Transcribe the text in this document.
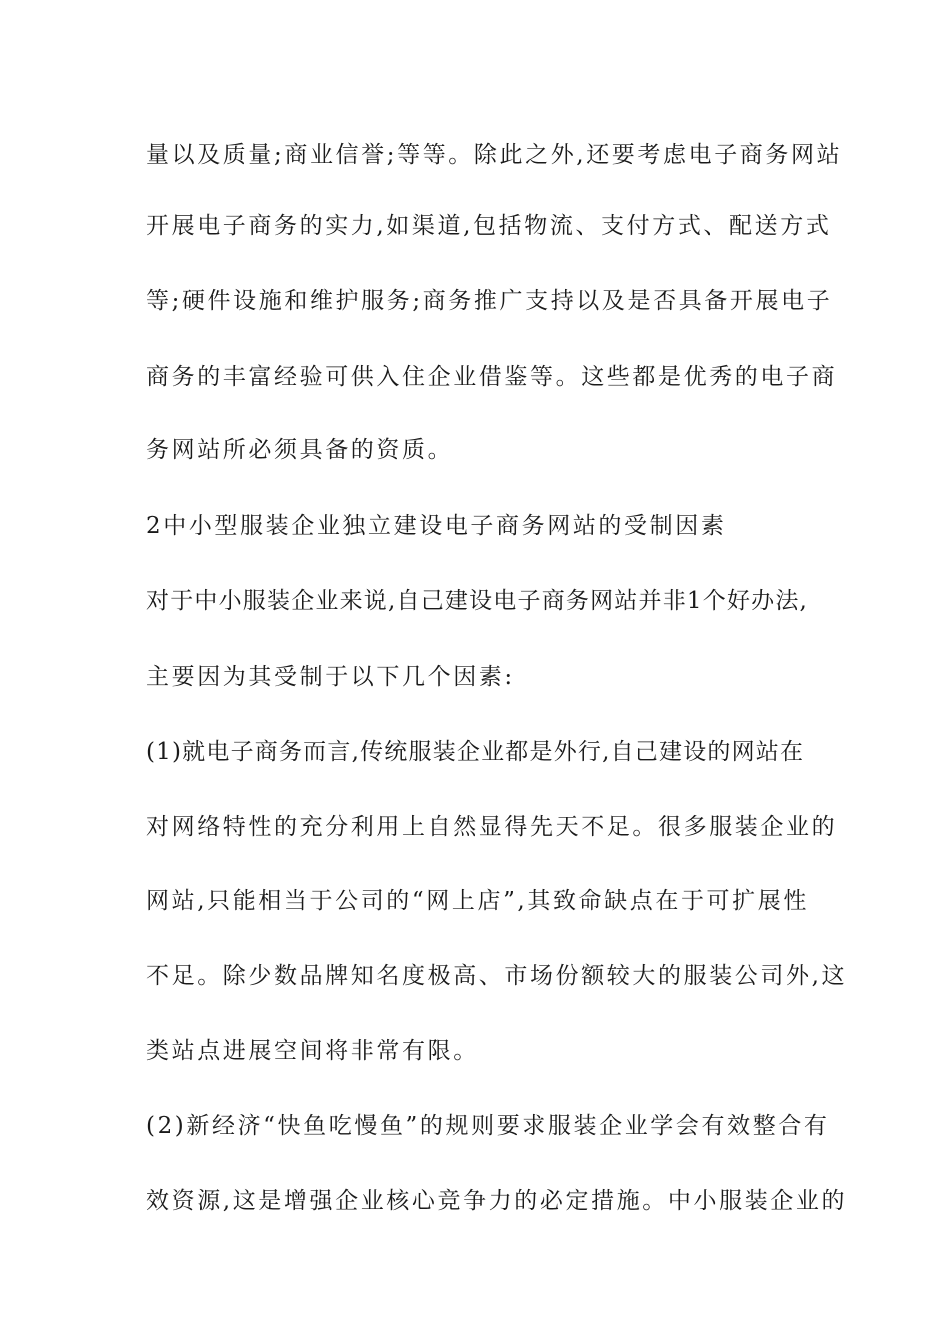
量以及质量;商业信誉;等等。除此之外,还要考虑电子商务网站
开展电子商务的实力,如渠道,包括物流、支付方式、配送方式
等;硬件设施和维护服务;商务推广支持以及是否具备开展电子
商务的丰富经验可供入住企业借鉴等。这些都是优秀的电子商
务网站所必须具备的资质。
2中小型服装企业独立建设电子商务网站的受制因素
对于中小服装企业来说,自己建设电子商务网站并非1个好办法,
主要因为其受制于以下几个因素:
(1)就电子商务而言,传统服装企业都是外行,自己建设的网站在
对网络特性的充分利用上自然显得先天不足。很多服装企业的
网站,只能相当于公司的“网上店”,其致命缺点在于可扩展性
不足。除少数品牌知名度极高、市场份额较大的服装公司外,这
类站点进展空间将非常有限。
(2)新经济“快鱼吃慢鱼”的规则要求服装企业学会有效整合有
效资源,这是增强企业核心竞争力的必定措施。中小服装企业的
